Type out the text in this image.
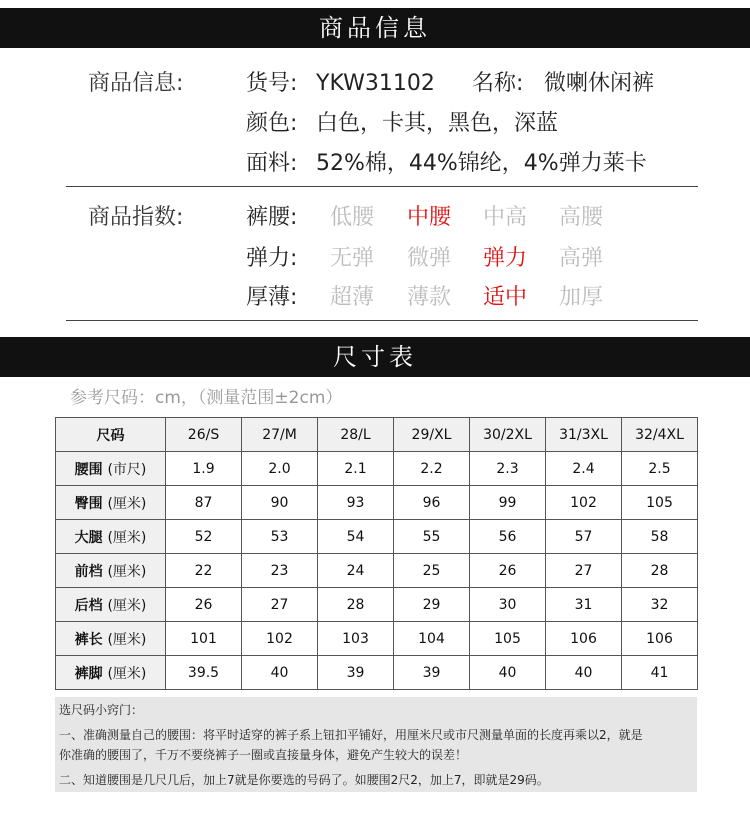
商品信息
商品信息:	货号: YKW31102 名称: 微喇休闲裤
颜色: 白色，卡其，黑色，深蓝
面料: 52%棉，44%锦纶，4%弹力莱卡
商品指数:	裤腰: 低腰 中腰 中高 高腰
弹力: 无弹 微弹 弹力 高弹
厚薄: 超薄 薄款 适中 加厚
尺寸表
参考尺码：cm，（测量范围±2cm）
尺码	26/S	27/M	28/L	29/XL	30/2XL	31/3XL	32/4XL
腰围 (市尺)	1.9	2.0	2.1	2.2	2.3	2.4	2.5
臀围 (厘米)	87	90	93	96	99	102	105
大腿 (厘米)	52	53	54	55	56	57	58
前档 (厘米)	22	23	24	25	26	27	28
后档 (厘米)	26	27	28	29	30	31	32
裤长 (厘米)	101	102	103	104	105	106	106
裤脚 (厘米)	39.5	40	39	39	40	40	41
选尺码小窍门：
一、准确测量自己的腰围：将平时适穿的裤子系上钮扣平铺好，用厘米尺或市尺测量单面的长度再乘以2，就是
你准确的腰围了，千万不要绕裤子一圈或直接量身体，避免产生较大的误差！
二、知道腰围是几尺几后，加上7就是你要选的号码了。如腰围2尺2，加上7，即就是29码。
